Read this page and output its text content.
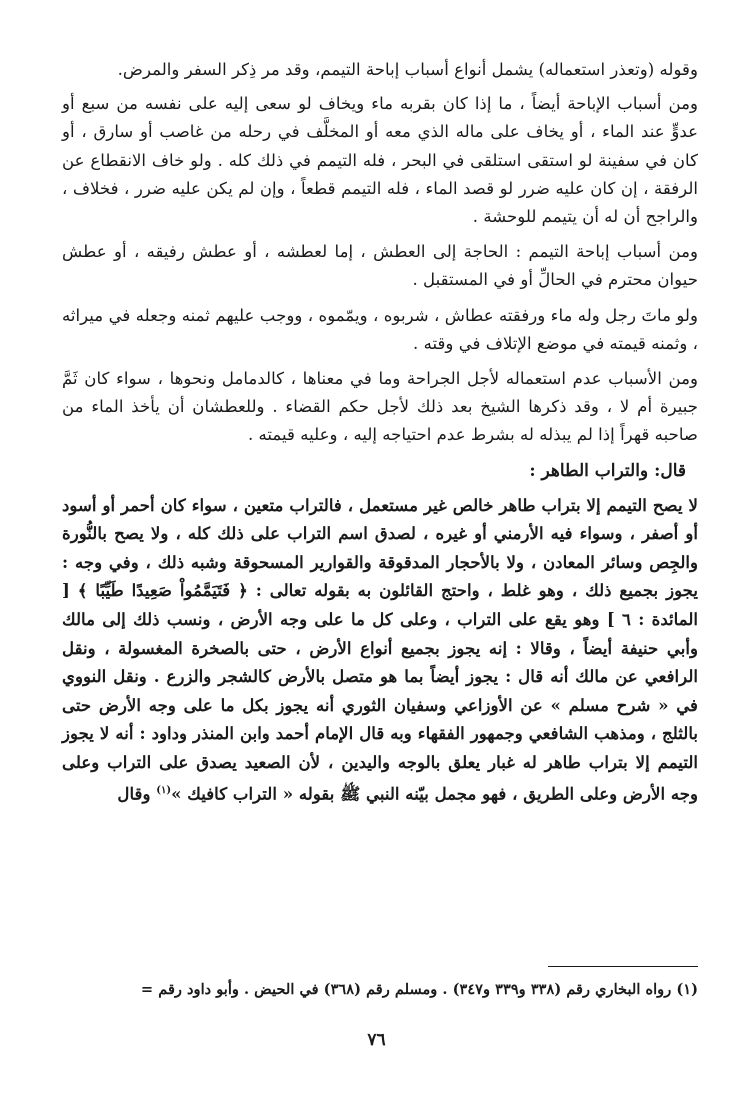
وقوله (وتعذر استعماله) يشمل أنواع أسباب إباحة التيمم، وقد مر ذِكر السفر والمرض.

ومن أسباب الإباحة أيضاً ، ما إذا كان بقربه ماء ويخاف لو سعى إليه على نفسه من سبع أو عدوٍّ عند الماء ، أو يخاف على ماله الذي معه أو المخلَّف في رحله من غاصب أو سارق ، أو كان في سفينة لو استقى استلقى في البحر ، فله التيمم في ذلك كله . ولو خاف الانقطاع عن الرفقة ، إن كان عليه ضرر لو قصد الماء ، فله التيمم قطعاً ، وإن لم يكن عليه ضرر ، فخلاف ، والراجح أن له أن يتيمم للوحشة .

ومن أسباب إباحة التيمم : الحاجة إلى العطش ، إما لعطشه ، أو عطش رفيقه ، أو عطش حيوان محترم في الحالِّ أو في المستقبل .

ولو ماتَ رجل وله ماء ورفقته عطاش ، شربوه ، ويمّموه ، ووجب عليهم ثمنه وجعله في ميراثه ، وثمنه قيمته في موضع الإتلاف في وقته .

ومن الأسباب عدم استعماله لأجل الجراحة وما في معناها ، كالدمامل ونحوها ، سواء كان ثَمَّ جبيرة أم لا ، وقد ذكرها الشيخ بعد ذلك لأجل حكم القضاء . وللعطشان أن يأخذ الماء من صاحبه قهراً إذا لم يبذله له بشرط عدم احتياجه إليه ، وعليه قيمته .

قال: والتراب الطاهر :

لا يصح التيمم إلا بتراب طاهر خالص غير مستعمل ، فالتراب متعين ، سواء كان أحمر أو أسود أو أصفر ، وسواء فيه الأرمني أو غيره ، لصدق اسم التراب على ذلك كله ، ولا يصح بالنُّورة والجِص وسائر المعادن ، ولا بالأحجار المدقوقة والقوارير المسحوقة وشبه ذلك ، وفي وجه : يجوز بجميع ذلك ، وهو غلط ، واحتج القائلون به بقوله تعالى : ﴿ فَتَيَمَّمُواْ صَعِيدًا طَيِّبًا ﴾ [ المائدة : ٦ ] وهو يقع على التراب ، وعلى كل ما على وجه الأرض ، ونسب ذلك إلى مالك وأبي حنيفة أيضاً ، وقالا : إنه يجوز بجميع أنواع الأرض ، حتى بالصخرة المغسولة ، ونقل الرافعي عن مالك أنه قال : يجوز أيضاً بما هو متصل بالأرض كالشجر والزرع . ونقل النووي في « شرح مسلم » عن الأوزاعي وسفيان الثوري أنه يجوز بكل ما على وجه الأرض حتى بالثلج ، ومذهب الشافعي وجمهور الفقهاء وبه قال الإمام أحمد وابن المنذر وداود : أنه لا يجوز التيمم إلا بتراب طاهر له غبار يعلق بالوجه واليدين ، لأن الصعيد يصدق على التراب وعلى وجه الأرض وعلى الطريق ، فهو مجمل بيّنه النبي ﷺ بقوله « التراب كافيك »$^{(١)}$ وقال

(١) رواه البخاري رقم (٣٣٨ و٣٣٩ و٣٤٧) . ومسلم رقم (٣٦٨) في الحيض . وأبو داود رقم =
٧٦
